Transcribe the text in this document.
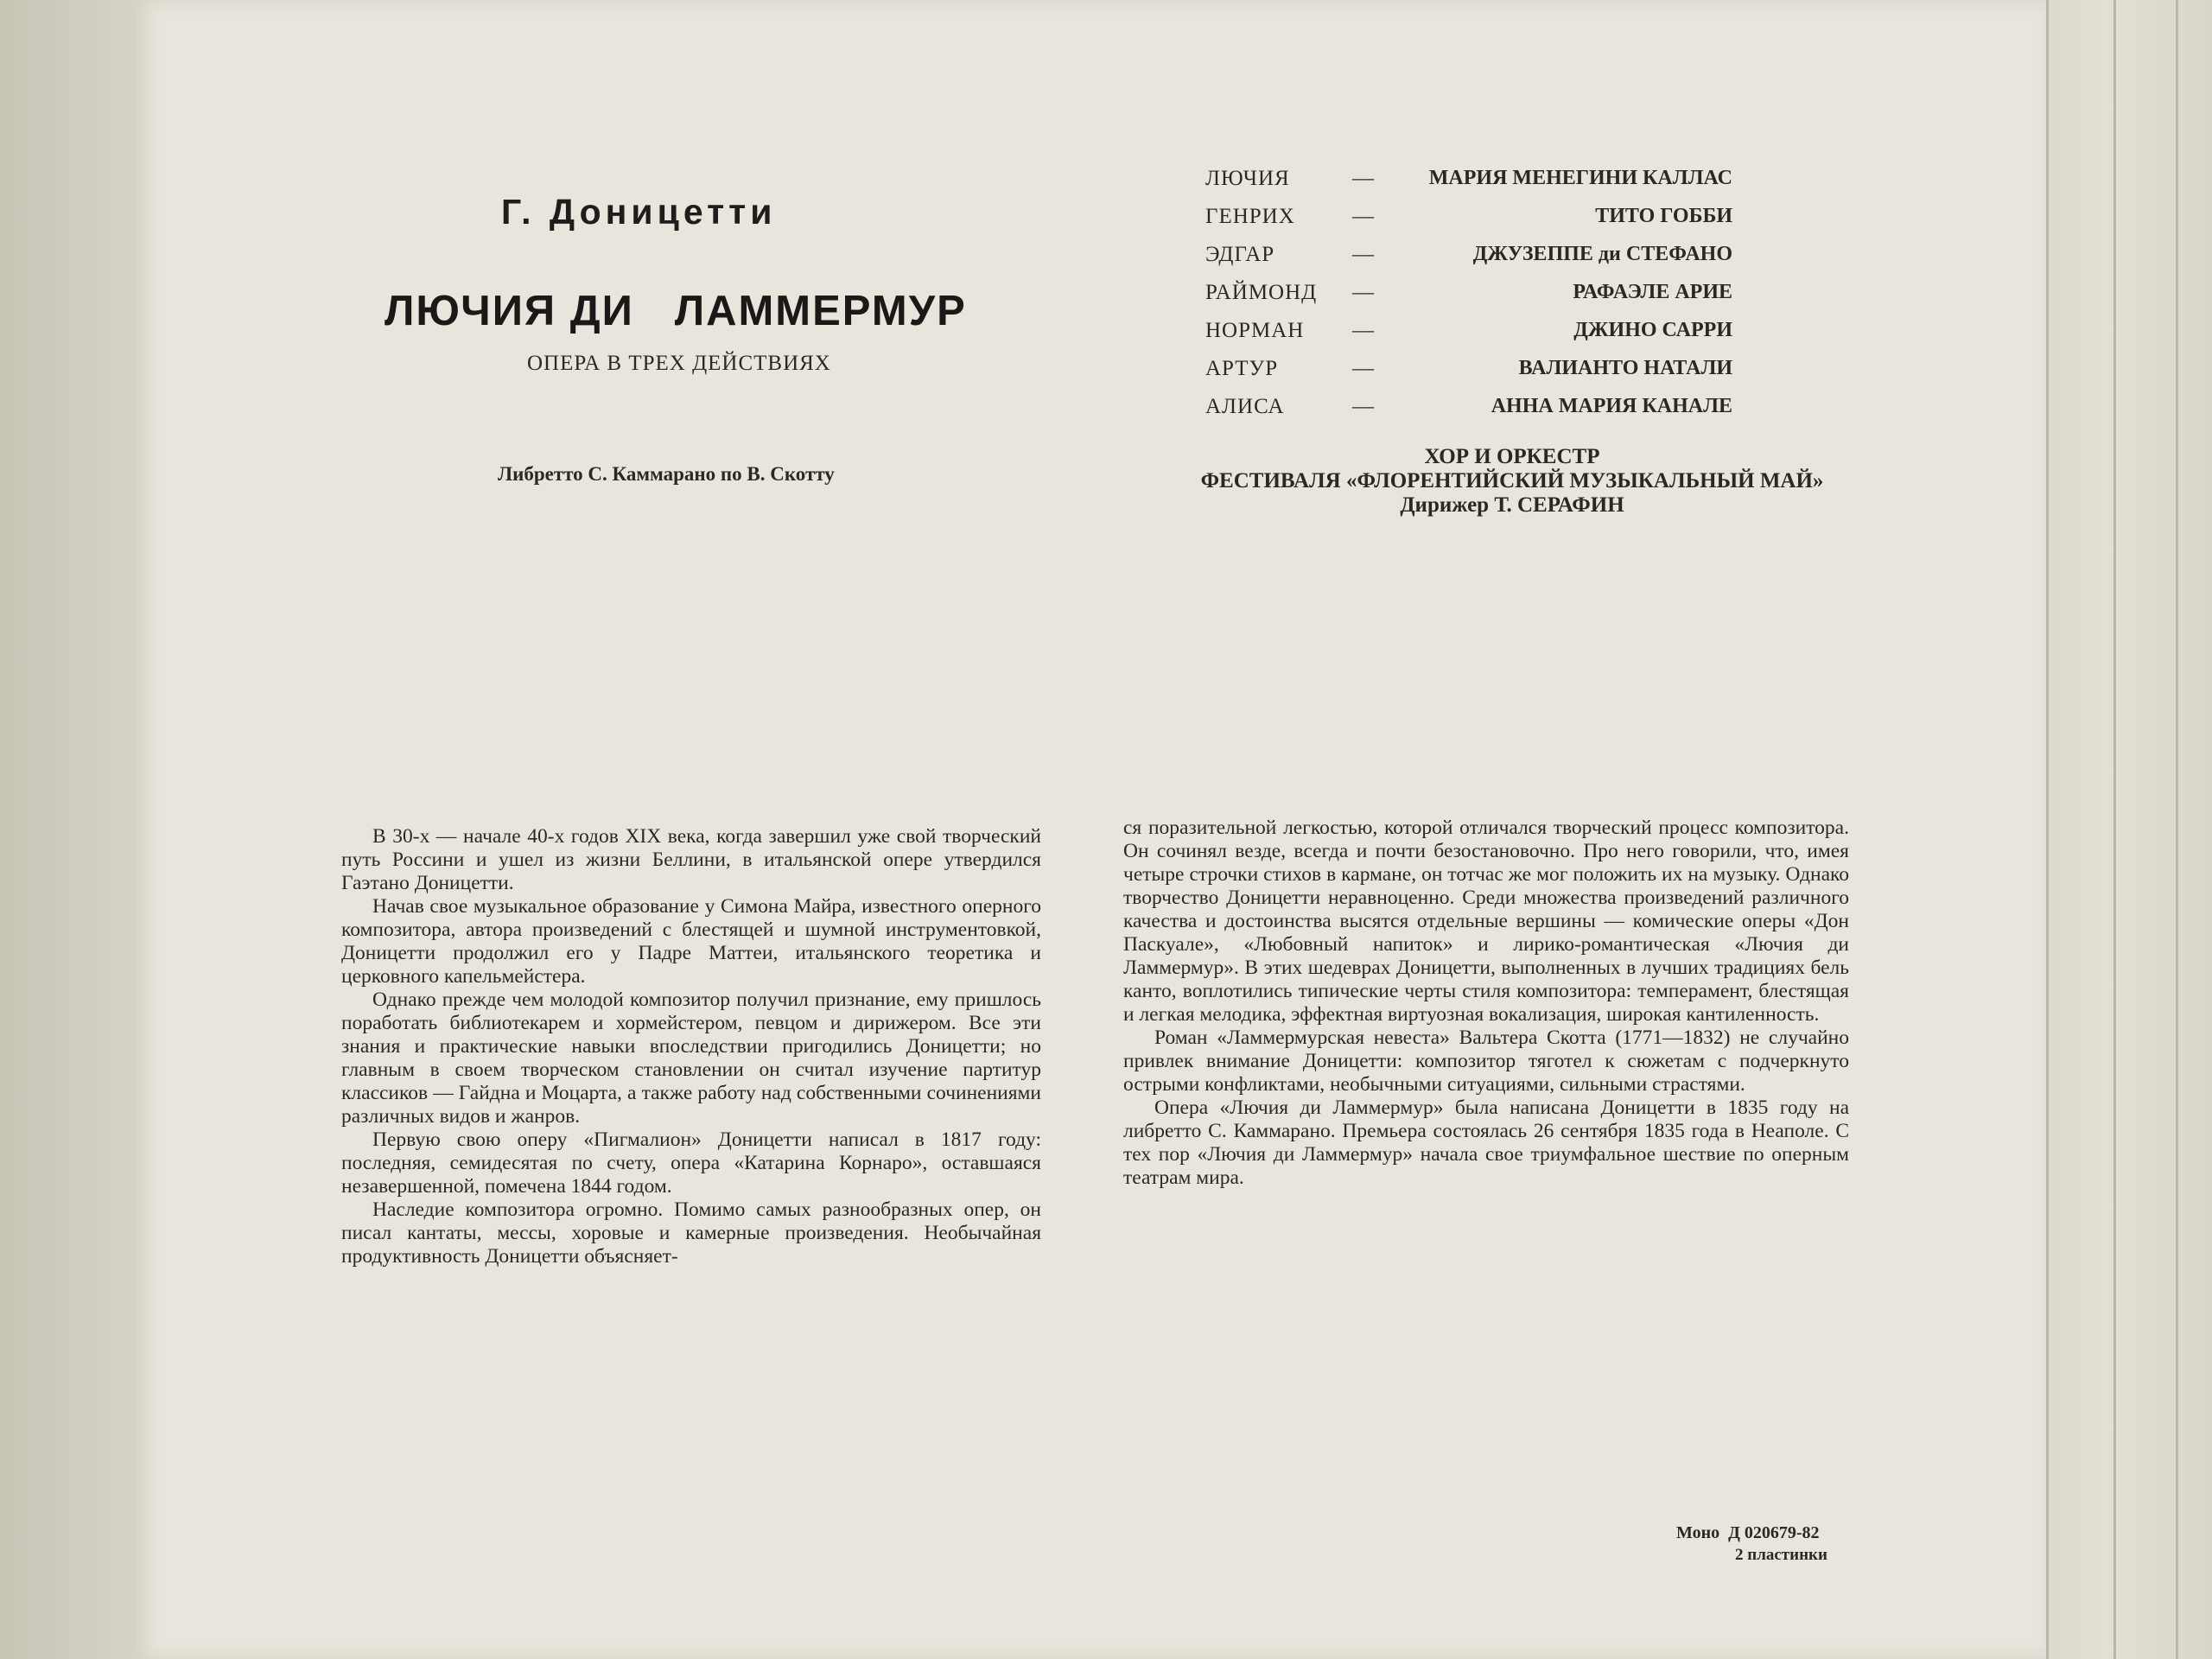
Г. Доницетти
ЛЮЧИЯ ДИ   ЛАММЕРМУР
ОПЕРА В ТРЕХ ДЕЙСТВИЯХ
Либретто С. Каммарано по В. Скотту
ЛЮЧИЯ	—	МАРИЯ МЕНЕГИНИ КАЛЛАС
ГЕНРИХ	—	ТИТО ГОББИ
ЭДГАР	—	ДЖУЗЕППЕ ди СТЕФАНО
РАЙМОНД —	РАФАЭЛЕ АРИЕ
НОРМАН —	ДЖИНО САРРИ
АРТУР	—	ВАЛИАНТО НАТАЛИ
АЛИСА	—	АННА МАРИЯ КАНАЛЕ
ХОР И ОРКЕСТР
ФЕСТИВАЛЯ «ФЛОРЕНТИЙСКИЙ МУЗЫКАЛЬНЫЙ МАЙ»
Дирижер Т. СЕРАФИН

В 30-х — начале 40-х годов XIX века, когда завершил уже свой творческий путь Россини и ушел из жизни Беллини, в итальянской опере утвердился Гаэтано Доницетти.

Начав свое музыкальное образование у Симона Майра, известного оперного композитора, автора произведений с блестящей и шумной инструментовкой, Доницетти продолжил его у Падре Маттеи, итальянского теоретика и церковного капельмейстера.

Однако прежде чем молодой композитор получил признание, ему пришлось поработать библиотекарем и хормейстером, певцом и дирижером. Все эти знания и практические навыки впоследствии пригодились Доницетти; но главным в своем творческом становлении он считал изучение партитур классиков — Гайдна и Моцарта, а также работу над собственными сочинениями различных видов и жанров.

Первую свою оперу «Пигмалион» Доницетти написал в 1817 году: последняя, семидесятая по счету, опера «Катарина Корнаро», оставшаяся незавершенной, помечена 1844 годом.

Наследие композитора огромно. Помимо самых разнообразных опер, он писал кантаты, мессы, хоровые и камерные произведения. Необычайная продуктивность Доницетти объясняет-

ся поразительной легкостью, которой отличался творческий процесс композитора. Он сочинял везде, всегда и почти безостановочно. Про него говорили, что, имея четыре строчки стихов в кармане, он тотчас же мог положить их на музыку. Однако творчество Доницетти неравноценно. Среди множества произведений различного качества и достоинства высятся отдельные вершины — комические оперы «Дон Паскуале», «Любовный напиток» и лирико-романтическая «Лючия ди Ламмермур». В этих шедеврах Доницетти, выполненных в лучших традициях бель канто, воплотились типические черты стиля композитора: темперамент, блестящая и легкая мелодика, эффектная виртуозная вокализация, широкая кантиленность.

Роман «Ламмермурская невеста» Вальтера Скотта (1771—1832) не случайно привлек внимание Доницетти: композитор тяготел к сюжетам с подчеркнуто острыми конфликтами, необычными ситуациями, сильными страстями.

Опера «Лючия ди Ламмермур» была написана Доницетти в 1835 году на либретто С. Каммарано. Премьера состоялась 26 сентября 1835 года в Неаполе. С тех пор «Лючия ди Ламмермур» начала свое триумфальное шествие по оперным театрам мира.

Моно  Д 020679-82
2 пластинки
